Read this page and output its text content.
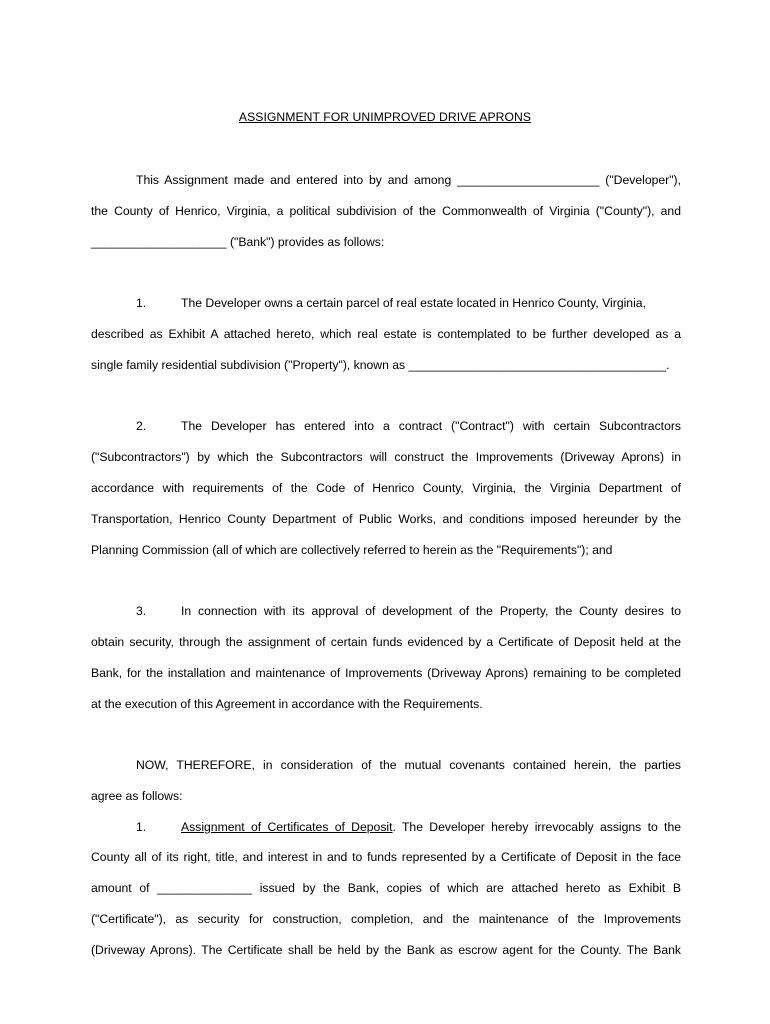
ASSIGNMENT FOR UNIMPROVED DRIVE APRONS
This Assignment made and entered into by and among _____________________ ("Developer"),
the County of Henrico, Virginia, a political subdivision of the Commonwealth of Virginia ("County"), and
____________________ ("Bank") provides as follows:
1.	The Developer owns a certain parcel of real estate located in Henrico County, Virginia,
described as Exhibit A attached hereto, which real estate is contemplated to be further developed as a
single family residential subdivision ("Property"), known as ______________________________________.
2.	The Developer has entered into a contract ("Contract") with certain Subcontractors
("Subcontractors") by which the Subcontractors will construct the Improvements (Driveway Aprons) in
accordance with requirements of the Code of Henrico County, Virginia, the Virginia Department of
Transportation, Henrico County Department of Public Works, and conditions imposed hereunder by the
Planning Commission (all of which are collectively referred to herein as the "Requirements"); and
3.	In connection with its approval of development of the Property, the County desires to
obtain security, through the assignment of certain funds evidenced by a Certificate of Deposit held at the
Bank, for the installation and maintenance of Improvements (Driveway Aprons) remaining to be completed
at the execution of this Agreement in accordance with the Requirements.
NOW, THEREFORE, in consideration of the mutual covenants contained herein, the parties
agree as follows:
1.	Assignment of Certificates of Deposit. The Developer hereby irrevocably assigns to the
County all of its right, title, and interest in and to funds represented by a Certificate of Deposit in the face
amount of ______________ issued by the Bank, copies of which are attached hereto as Exhibit B
("Certificate"), as security for construction, completion, and the maintenance of the Improvements
(Driveway Aprons). The Certificate shall be held by the Bank as escrow agent for the County. The Bank
